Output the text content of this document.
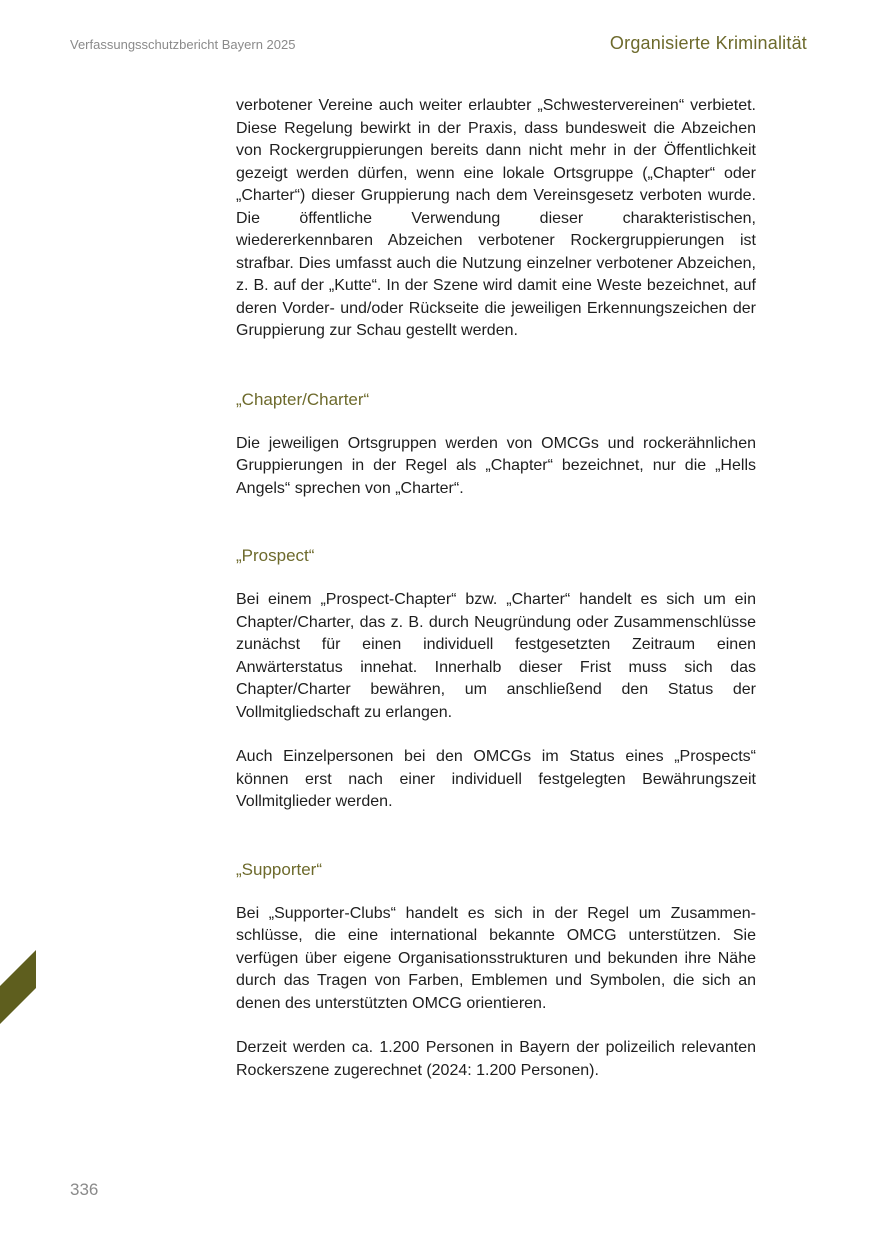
Verfassungsschutzbericht Bayern 2025	Organisierte Kriminalität

verbotener Vereine auch weiter erlaubter „Schwestervereinen“ verbietet. Diese Regelung bewirkt in der Praxis, dass bundesweit die Abzeichen von Rockergruppierungen bereits dann nicht mehr in der Öffentlichkeit gezeigt werden dürfen, wenn eine lokale Ortsgruppe („Chapter“ oder „Charter“) dieser Gruppierung nach dem Vereinsgesetz verboten wurde. Die öffentliche Verwendung dieser charakteristischen, wiedererkennbaren Abzeichen verbotener Rockergruppierungen ist strafbar. Dies umfasst auch die Nutzung einzelner verbotener Abzeichen, z. B. auf der „Kutte“. In der Szene wird damit eine Weste bezeichnet, auf deren Vorder- und/oder Rückseite die jeweiligen Erkennungszeichen der Gruppierung zur Schau gestellt werden.

„Chapter/Charter“

Die jeweiligen Ortsgruppen werden von OMCGs und rockerähnlichen Gruppierungen in der Regel als „Chapter“ bezeichnet, nur die „Hells Angels“ sprechen von „Charter“.

„Prospect“

Bei einem „Prospect-Chapter“ bzw. „Charter“ handelt es sich um ein Chapter/Charter, das z. B. durch Neugründung oder Zusammenschlüsse zunächst für einen individuell festgesetzten Zeitraum einen Anwärterstatus innehat. Innerhalb dieser Frist muss sich das Chapter/Charter bewähren, um anschließend den Status der Vollmitgliedschaft zu erlangen.

Auch Einzelpersonen bei den OMCGs im Status eines „Prospects“ können erst nach einer individuell festgelegten Bewährungszeit Vollmitglieder werden.

„Supporter“

Bei „Supporter-Clubs“ handelt es sich in der Regel um Zusammenschlüsse, die eine international bekannte OMCG unterstützen. Sie verfügen über eigene Organisationsstrukturen und bekunden ihre Nähe durch das Tragen von Farben, Emblemen und Symbolen, die sich an denen des unterstützten OMCG orientieren.

Derzeit werden ca. 1.200 Personen in Bayern der polizeilich relevanten Rockerszene zugerechnet (2024: 1.200 Personen).

336
